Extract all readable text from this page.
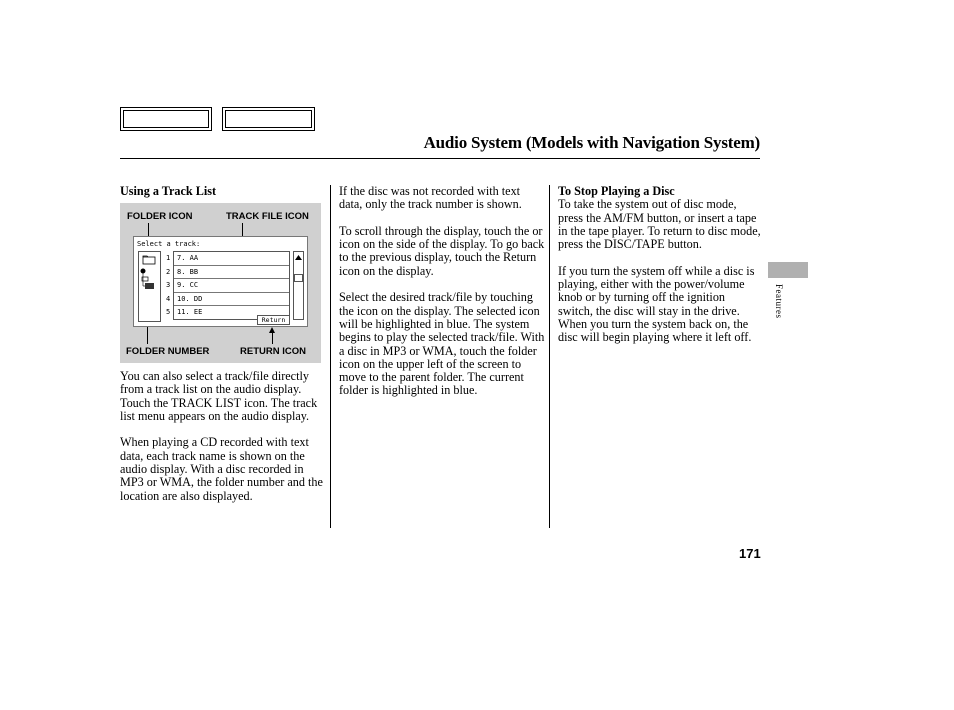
Audio System (Models with Navigation System)
Using a Track List
FOLDER ICON	TRACK FILE ICON
FOLDER NUMBER	RETURN ICON
Select a track:
1 7. AA
2 8. BB
3 9. CC
4 10. DD
5 11. EE
Return

You can also select a track/file directly from a track list on the audio display. Touch the TRACK LIST icon. The track list menu appears on the audio display.

When playing a CD recorded with text data, each track name is shown on the audio display. With a disc recorded in MP3 or WMA, the folder number and the location are also displayed.

If the disc was not recorded with text data, only the track number is shown.

To scroll through the display, touch the or icon on the side of the display. To go back to the previous display, touch the Return icon on the display.

Select the desired track/file by touching the icon on the display. The selected icon will be highlighted in blue. The system begins to play the selected track/file. With a disc in MP3 or WMA, touch the folder icon on the upper left of the screen to move to the parent folder. The current folder is highlighted in blue.

To Stop Playing a Disc

To take the system out of disc mode, press the AM/FM button, or insert a tape in the tape player. To return to disc mode, press the DISC/TAPE button.

If you turn the system off while a disc is playing, either with the power/volume knob or by turning off the ignition switch, the disc will stay in the drive. When you turn the system back on, the disc will begin playing where it left off.

Features
171
